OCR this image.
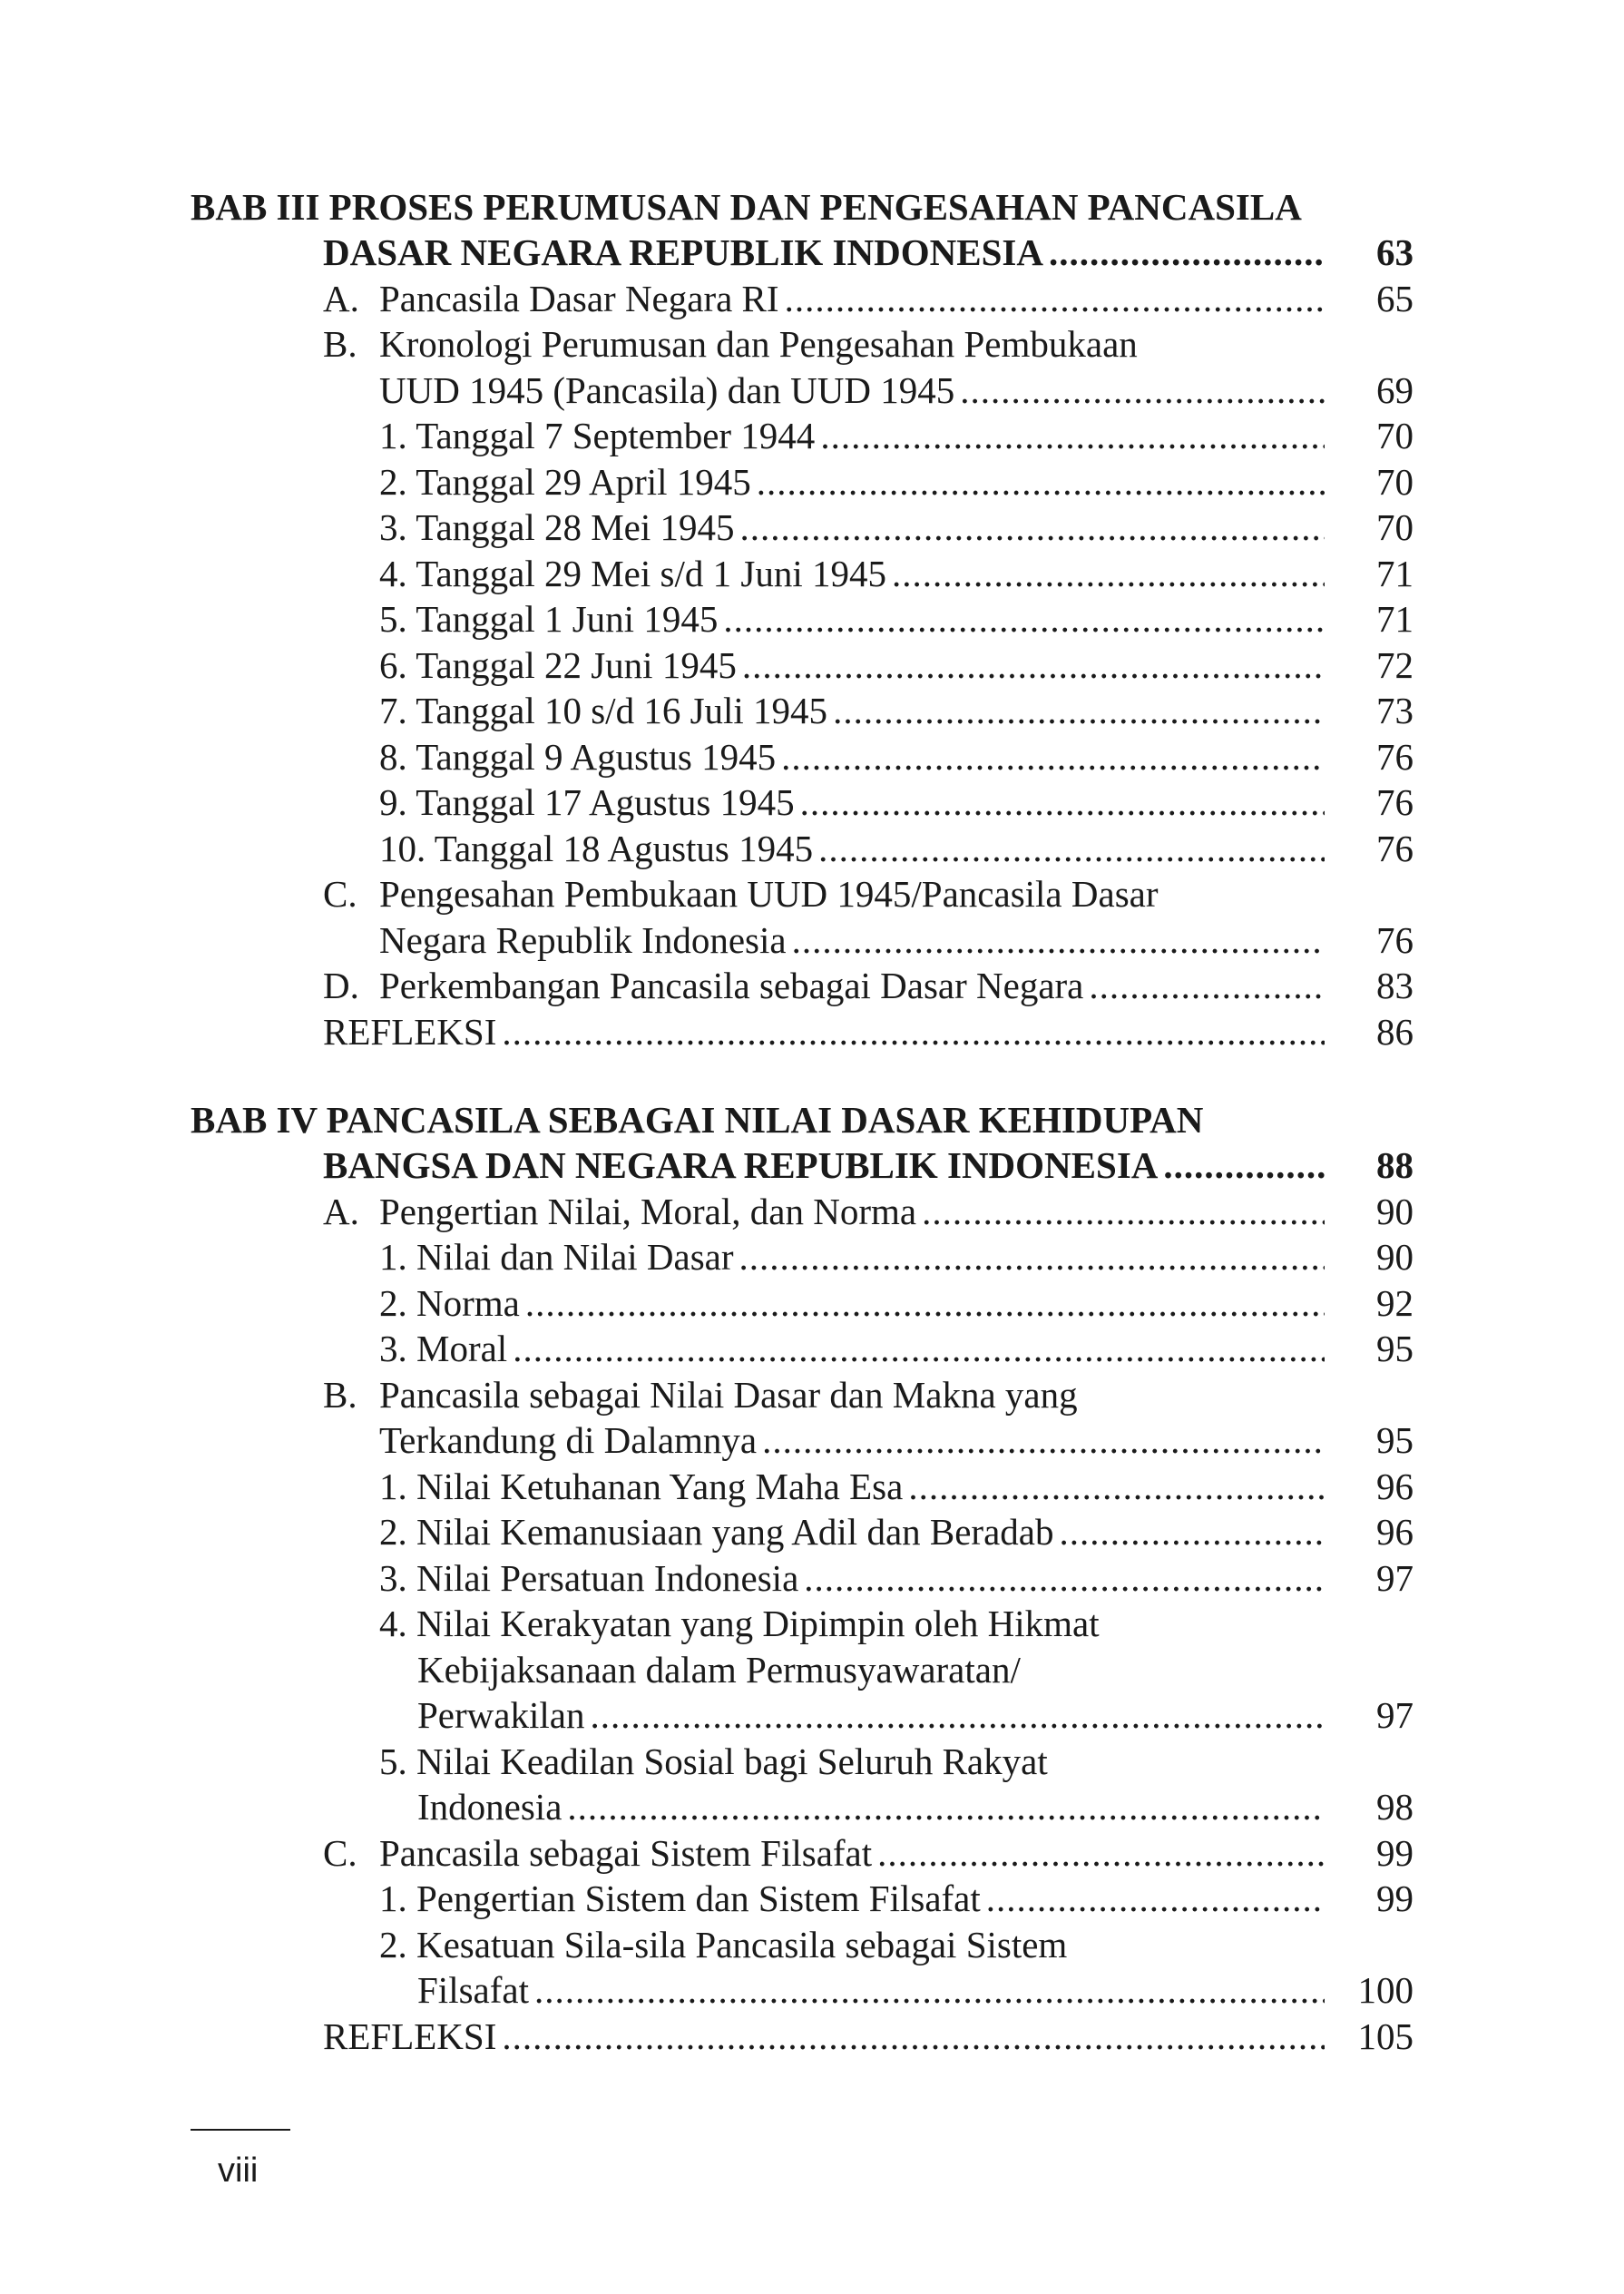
BAB III PROSES PERUMUSAN DAN PENGESAHAN PANCASILA
DASAR NEGARA REPUBLIK INDONESIA .....	63
A. Pancasila Dasar Negara RI .....	65
B. Kronologi Perumusan dan Pengesahan Pembukaan
UUD 1945 (Pancasila) dan UUD 1945 .....	69
1. Tanggal 7 September 1944 .....	70
2. Tanggal 29 April 1945 .....	70
3. Tanggal 28 Mei 1945 .....	70
4. Tanggal 29 Mei s/d 1 Juni 1945 .....	71
5. Tanggal 1 Juni 1945 .....	71
6. Tanggal 22 Juni 1945 .....	72
7. Tanggal 10 s/d 16 Juli 1945 .....	73
8. Tanggal 9 Agustus 1945 .....	76
9. Tanggal 17 Agustus 1945 .....	76
10. Tanggal 18 Agustus 1945 .....	76
C. Pengesahan Pembukaan UUD 1945/Pancasila Dasar
Negara Republik Indonesia .....	76
D. Perkembangan Pancasila sebagai Dasar Negara .....	83
REFLEKSI .....	86
BAB IV PANCASILA SEBAGAI NILAI DASAR KEHIDUPAN
BANGSA DAN NEGARA REPUBLIK INDONESIA .....	88
A. Pengertian Nilai, Moral, dan Norma .....	90
1. Nilai dan Nilai Dasar .....	90
2. Norma .....	92
3. Moral .....	95
B. Pancasila sebagai Nilai Dasar dan Makna yang
Terkandung di Dalamnya .....	95
1. Nilai Ketuhanan Yang Maha Esa .....	96
2. Nilai Kemanusiaan yang Adil dan Beradab .....	96
3. Nilai Persatuan Indonesia .....	97
4. Nilai Kerakyatan yang Dipimpin oleh Hikmat
Kebijaksanaan dalam Permusyawaratan/
Perwakilan .....	97
5. Nilai Keadilan Sosial bagi Seluruh Rakyat
Indonesia .....	98
C. Pancasila sebagai Sistem Filsafat .....	99
1. Pengertian Sistem dan Sistem Filsafat .....	99
2. Kesatuan Sila-sila Pancasila sebagai Sistem
Filsafat .....	100
REFLEKSI .....	105
viii
